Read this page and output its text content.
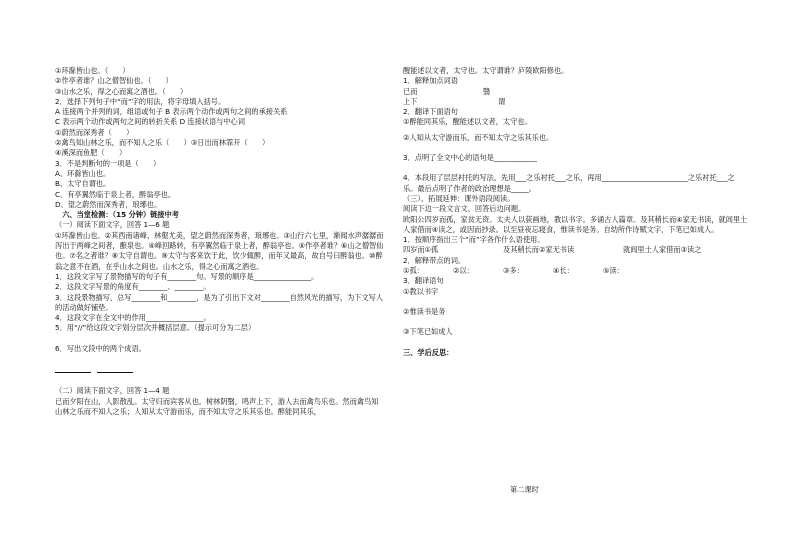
①环滁皆山也。（　　）
②作亭者谁？山之僧智仙也。（　　）
③山水之乐，得之心而寓之酒也。（　　）
2．选择下列句子中“而”字的用法，将字母填入括号。
A 连接两个并列的词，组语或句子 B 表示两个动作或两句之间的承接关系
C 表示两个动作或两句之间的转折关系 D 连接状语与中心词
①蔚然而深秀者（　　）
②禽鸟知山林之乐，而不知人之乐（　　）③日出而林霏开（　　）
④溪深而鱼肥（　　）
3．不是判断句的一项是（　　）
A、环滁皆山也。
B、太守自谓也。
C、有亭翼然临于泉上者，醉翁亭也。
D、望之蔚然而深秀者，琅琊也。
　六、当堂检测：（15 分钟）链接中考
（一）阅读下面文字，回答 1—6 题
①环滁皆山也。②其西南诸峰，林壑尤美，望之蔚然而深秀者，琅琊也。③山行六七里，渐闻水声潺潺而泻出于两峰之间者，酿泉也。④峰回路转，有亭翼然临于泉上者，醉翁亭也。⑤作亭者谁？⑥山之僧智仙也。⑦名之者谁？⑧太守自谓也。⑨太守与客来饮于此，饮少辄醉，而年又最高，故自号曰醉翁也。⑩醉翁之意不在酒，在乎山水之间也。山水之乐，得之心而寓之酒也。
1．这段文字写了景物描写的句子有________句。写景的顺序是________________。
2．这段文字写景的角度有________、________。
3．这段景物描写，总写________和________，是为了引出下文对________自然风光的描写，为下文写人的活动做好铺垫。
4．这段文字在全文中的作用________________。
5．用“//”给这段文字划分层次并概括层意。（提示可分为二层）
6．写出文段中的两个成语。
（二）阅读下面文字，回答 1—4 题
已而夕阳在山，人影散乱。太守归而宾客从也。树林阴翳，鸣声上下，游人去而禽鸟乐也。然而禽鸟知山林之乐而不知人之乐；人知从太守游而乐，而不知太守之乐其乐也。醉能同其乐，
醒能述以文者，太守也。太守谓谁？庐陵欧阳修也。
1．解释加点词语
已而	翳
上下	谓
2．翻译下面语句
①醉能同其乐，醒能述以文者，太守也。
②人知从太守游而乐，而不知太守之乐其乐也。
3．点明了全文中心的语句是____________
4．本段用了层层衬托的写法，先用___之乐衬托___之乐，再用________________________之乐衬托___之乐。最后点明了作者的政治理想是_____。
（三）、拓展延伸：课外语段阅读。
阅读下边一段文言文，回答后边问题。
欧阳公四岁而孤，家贫无资。太夫人以荻画地，教以书字。多诵古人篇章。及其稍长而④家无书读，就闾里士人家借而④读之，或因而抄录。以至昼夜忘寝食，惟读书是务。自幼所作诗赋文字，下笔已如成人。
1．按顺序指出三个“而”字各作什么语使用。
四岁而①孤	及其稍长而②家无书读	就闾里士人家借而③读之
2．解释带点的词。
①孤：	②以：	③多：	④长：	⑤读：
3．翻译语句
①教以书字
②惟读书是务
③下笔已如成人
三、学后反思：
第二课时
